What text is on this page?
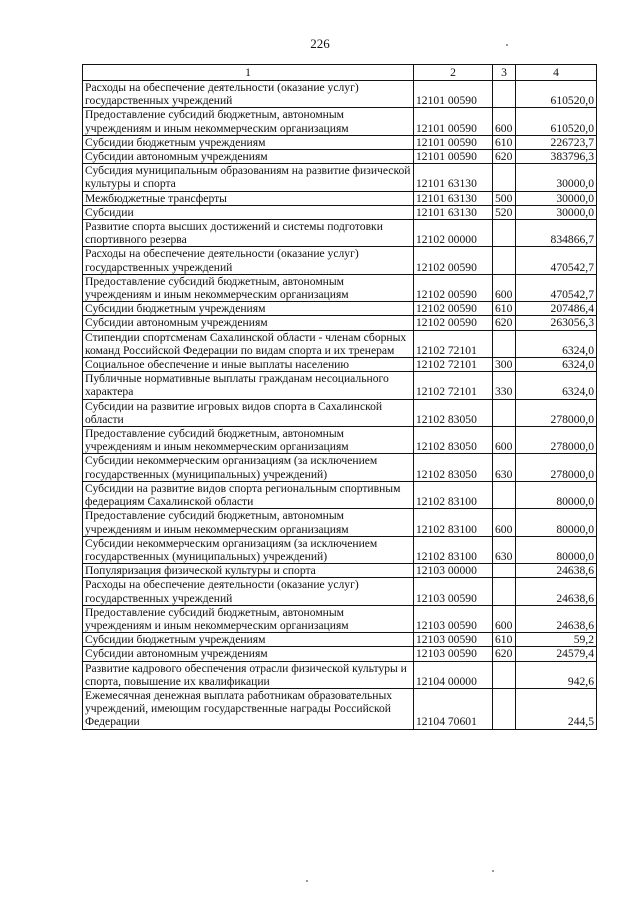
226
1	2	3	4
Расходы на обеспечение деятельности (оказание услуг) государственных учреждений	12101 00590		610520,0
Предоставление субсидий бюджетным, автономным учреждениям и иным некоммерческим организациям	12101 00590	600	610520,0
Субсидии бюджетным учреждениям	12101 00590	610	226723,7
Субсидии автономным учреждениям	12101 00590	620	383796,3
Субсидия муниципальным образованиям на развитие физической культуры и спорта	12101 63130		30000,0
Межбюджетные трансферты	12101 63130	500	30000,0
Субсидии	12101 63130	520	30000,0
Развитие спорта высших достижений и системы подготовки спортивного резерва	12102 00000		834866,7
Расходы на обеспечение деятельности (оказание услуг) государственных учреждений	12102 00590		470542,7
Предоставление субсидий бюджетным, автономным учреждениям и иным некоммерческим организациям	12102 00590	600	470542,7
Субсидии бюджетным учреждениям	12102 00590	610	207486,4
Субсидии автономным учреждениям	12102 00590	620	263056,3
Стипендии спортсменам Сахалинской области - членам сборных команд Российской Федерации по видам спорта и их тренерам	12102 72101		6324,0
Социальное обеспечение и иные выплаты населению	12102 72101	300	6324,0
Публичные нормативные выплаты гражданам несоциального характера	12102 72101	330	6324,0
Субсидии на развитие игровых видов спорта в Сахалинской области	12102 83050		278000,0
Предоставление субсидий бюджетным, автономным учреждениям и иным некоммерческим организациям	12102 83050	600	278000,0
Субсидии некоммерческим организациям (за исключением государственных (муниципальных) учреждений)	12102 83050	630	278000,0
Субсидии на развитие видов спорта региональным спортивным федерациям Сахалинской области	12102 83100		80000,0
Предоставление субсидий бюджетным, автономным учреждениям и иным некоммерческим организациям	12102 83100	600	80000,0
Субсидии некоммерческим организациям (за исключением государственных (муниципальных) учреждений)	12102 83100	630	80000,0
Популяризация физической культуры и спорта	12103 00000		24638,6
Расходы на обеспечение деятельности (оказание услуг) государственных учреждений	12103 00590		24638,6
Предоставление субсидий бюджетным, автономным учреждениям и иным некоммерческим организациям	12103 00590	600	24638,6
Субсидии бюджетным учреждениям	12103 00590	610	59,2
Субсидии автономным учреждениям	12103 00590	620	24579,4
Развитие кадрового обеспечения отрасли физической культуры и спорта, повышение их квалификации	12104 00000		942,6
Ежемесячная денежная выплата работникам образовательных учреждений, имеющим государственные награды Российской Федерации	12104 70601		244,5
